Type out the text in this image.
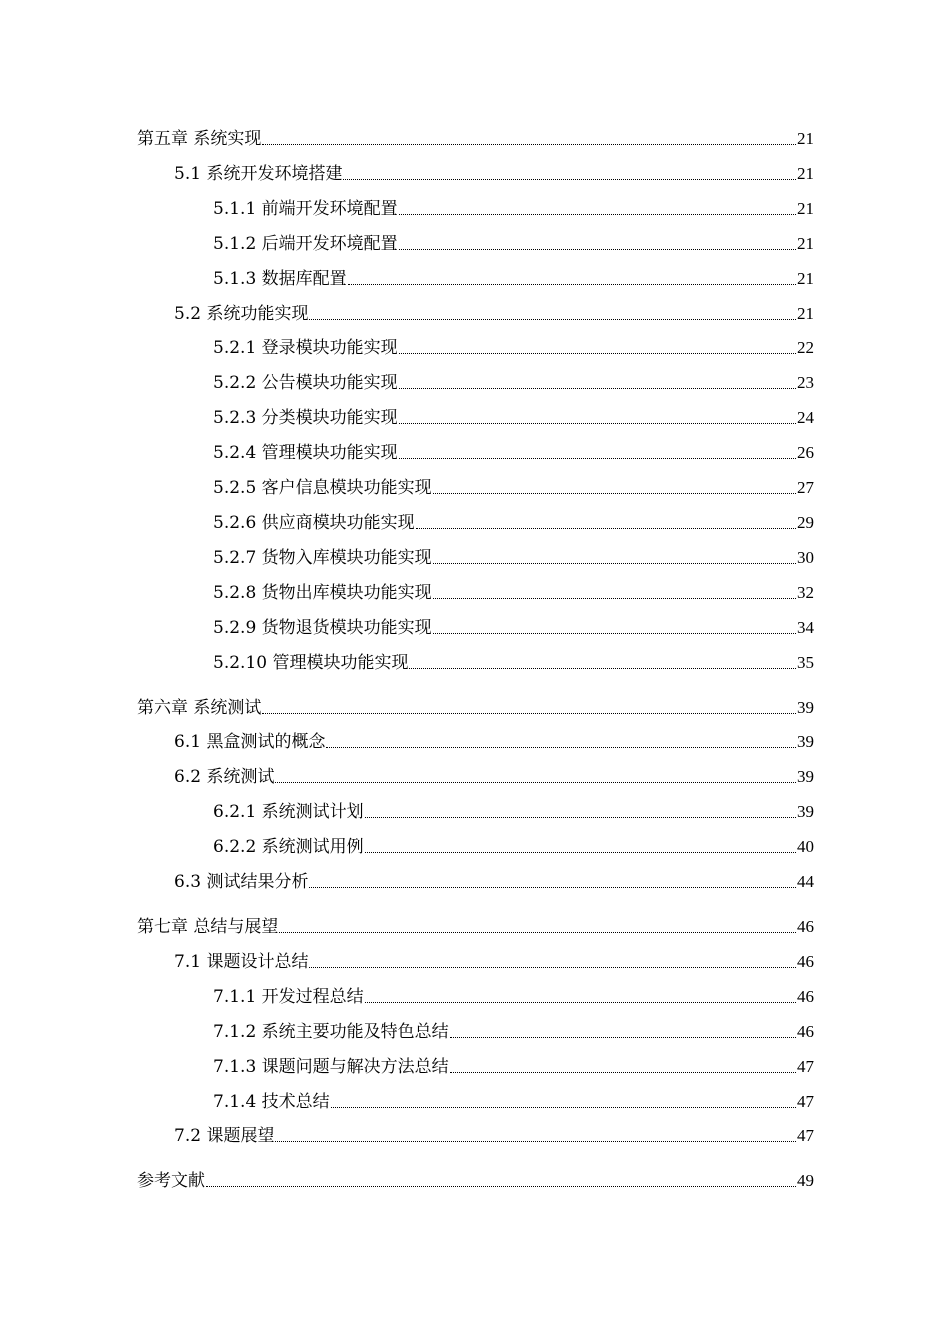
第五章 系统实现	21
5.1 系统开发环境搭建	21
5.1.1 前端开发环境配置	21
5.1.2 后端开发环境配置	21
5.1.3 数据库配置	21
5.2 系统功能实现	21
5.2.1 登录模块功能实现	22
5.2.2 公告模块功能实现	23
5.2.3 分类模块功能实现	24
5.2.4 管理模块功能实现	26
5.2.5 客户信息模块功能实现	27
5.2.6 供应商模块功能实现	29
5.2.7 货物入库模块功能实现	30
5.2.8 货物出库模块功能实现	32
5.2.9 货物退货模块功能实现	34
5.2.10 管理模块功能实现	35
第六章 系统测试	39
6.1 黑盒测试的概念	39
6.2 系统测试	39
6.2.1 系统测试计划	39
6.2.2 系统测试用例	40
6.3 测试结果分析	44
第七章 总结与展望	46
7.1 课题设计总结	46
7.1.1 开发过程总结	46
7.1.2 系统主要功能及特色总结	46
7.1.3 课题问题与解决方法总结	47
7.1.4 技术总结	47
7.2 课题展望	47
参考文献	49
